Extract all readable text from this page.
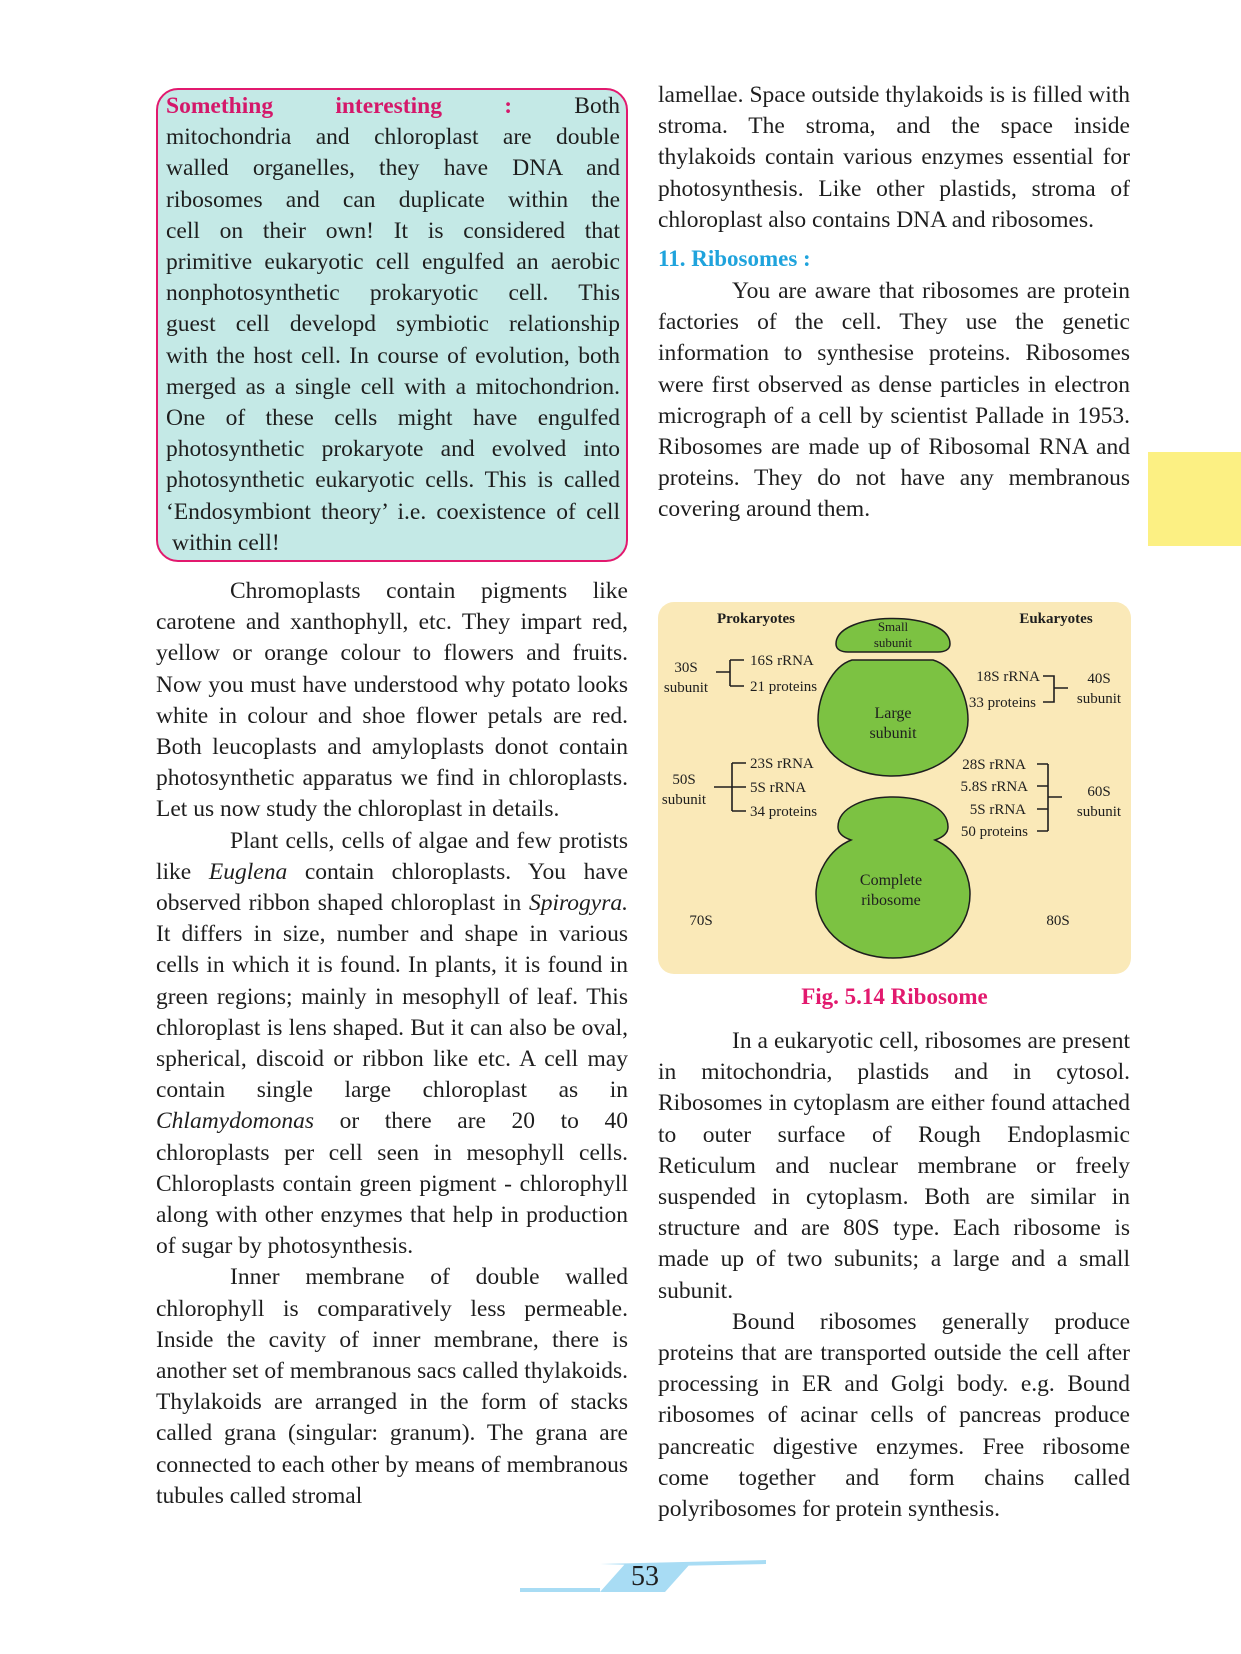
Something	interesting	:	Both
mitochondria and chloroplast are double
walled organelles, they have DNA and
ribosomes and can duplicate within the
cell on their own! It is considered that
primitive eukaryotic cell engulfed an aerobic
nonphotosynthetic prokaryotic cell. This
guest cell developd symbiotic relationship
with the host cell. In course of evolution, both
merged as a single cell with a mitochondrion.
One of these cells might have engulfed
photosynthetic prokaryote and evolved into
photosynthetic eukaryotic cells. This is called
‘Endosymbiont theory’ i.e. coexistence of cell
within cell!

Chromoplasts contain pigments like carotene and xanthophyll, etc. They impart red, yellow or orange colour to flowers and fruits. Now you must have understood why potato looks white in colour and shoe flower petals are red. Both leucoplasts and amyloplasts donot contain photosynthetic apparatus we find in chloroplasts. Let us now study the chloroplast in details.

Plant cells, cells of algae and few protists like Euglena contain chloroplasts. You have observed ribbon shaped chloroplast in Spirogyra. It differs in size, number and shape in various cells in which it is found. In plants, it is found in green regions; mainly in mesophyll of leaf. This chloroplast is lens shaped. But it can also be oval, spherical, discoid or ribbon like etc. A cell may contain single large chloroplast as in Chlamydomonas or there are 20 to 40 chloroplasts per cell seen in mesophyll cells. Chloroplasts contain green pigment - chlorophyll along with other enzymes that help in production of sugar by photosynthesis.

Inner membrane of double walled chlorophyll is comparatively less permeable. Inside the cavity of inner membrane, there is another set of membranous sacs called thylakoids. Thylakoids are arranged in the form of stacks called grana (singular: granum). The grana are connected to each other by means of membranous tubules called stromal

lamellae. Space outside thylakoids is is filled with stroma. The stroma, and the space inside thylakoids contain various enzymes essential for photosynthesis. Like other plastids, stroma of chloroplast also contains DNA and ribosomes.

11. Ribosomes :

You are aware that ribosomes are protein factories of the cell. They use the genetic information to synthesise proteins. Ribosomes were first observed as dense particles in electron micrograph of a cell by scientist Pallade in 1953. Ribosomes are made up of Ribosomal RNA and proteins. They do not have any membranous covering around them.

Prokaryotes	Eukaryotes
Small
subunit
Large
subunit
Complete
ribosome
30S
subunit
16S rRNA
21 proteins
50S
subunit
23S rRNA
5S rRNA
34 proteins
18S rRNA
33 proteins
40S
subunit
28S rRNA
5.8S rRNA
5S rRNA
50 proteins
60S
subunit
70S	80S
Fig. 5.14 Ribosome

In a eukaryotic cell, ribosomes are present in mitochondria, plastids and in cytosol. Ribosomes in cytoplasm are either found attached to outer surface of Rough Endoplasmic Reticulum and nuclear membrane or freely suspended in cytoplasm. Both are similar in structure and are 80S type. Each ribosome is made up of two subunits; a large and a small subunit.

Bound ribosomes generally produce proteins that are transported outside the cell after processing in ER and Golgi body. e.g. Bound ribosomes of acinar cells of pancreas produce pancreatic digestive enzymes. Free ribosome come together and form chains called polyribosomes for protein synthesis.

53
